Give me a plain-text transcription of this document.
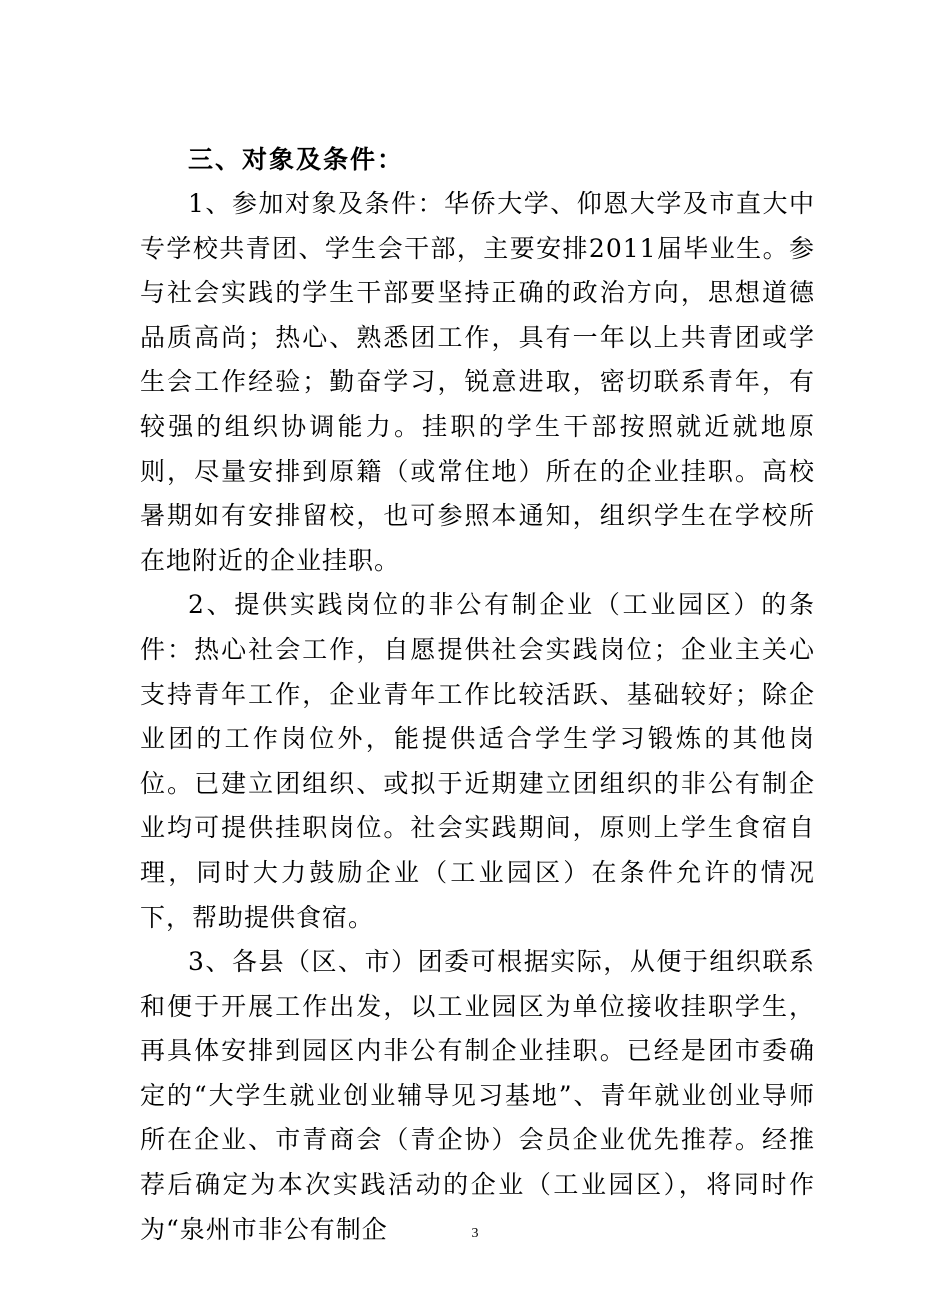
三、对象及条件：

1、参加对象及条件：华侨大学、仰恩大学及市直大中专学校共青团、学生会干部，主要安排2011届毕业生。参与社会实践的学生干部要坚持正确的政治方向，思想道德品质高尚；热心、熟悉团工作，具有一年以上共青团或学生会工作经验；勤奋学习，锐意进取，密切联系青年，有较强的组织协调能力。挂职的学生干部按照就近就地原则，尽量安排到原籍（或常住地）所在的企业挂职。高校暑期如有安排留校，也可参照本通知，组织学生在学校所在地附近的企业挂职。

2、提供实践岗位的非公有制企业（工业园区）的条件：热心社会工作，自愿提供社会实践岗位；企业主关心支持青年工作，企业青年工作比较活跃、基础较好；除企业团的工作岗位外，能提供适合学生学习锻炼的其他岗位。已建立团组织、或拟于近期建立团组织的非公有制企业均可提供挂职岗位。社会实践期间，原则上学生食宿自理，同时大力鼓励企业（工业园区）在条件允许的情况下，帮助提供食宿。

3、各县（区、市）团委可根据实际，从便于组织联系和便于开展工作出发，以工业园区为单位接收挂职学生，再具体安排到园区内非公有制企业挂职。已经是团市委确定的“大学生就业创业辅导见习基地”、青年就业创业导师所在企业、市青商会（青企协）会员企业优先推荐。经推荐后确定为本次实践活动的企业（工业园区），将同时作为“泉州市非公有制企	3
